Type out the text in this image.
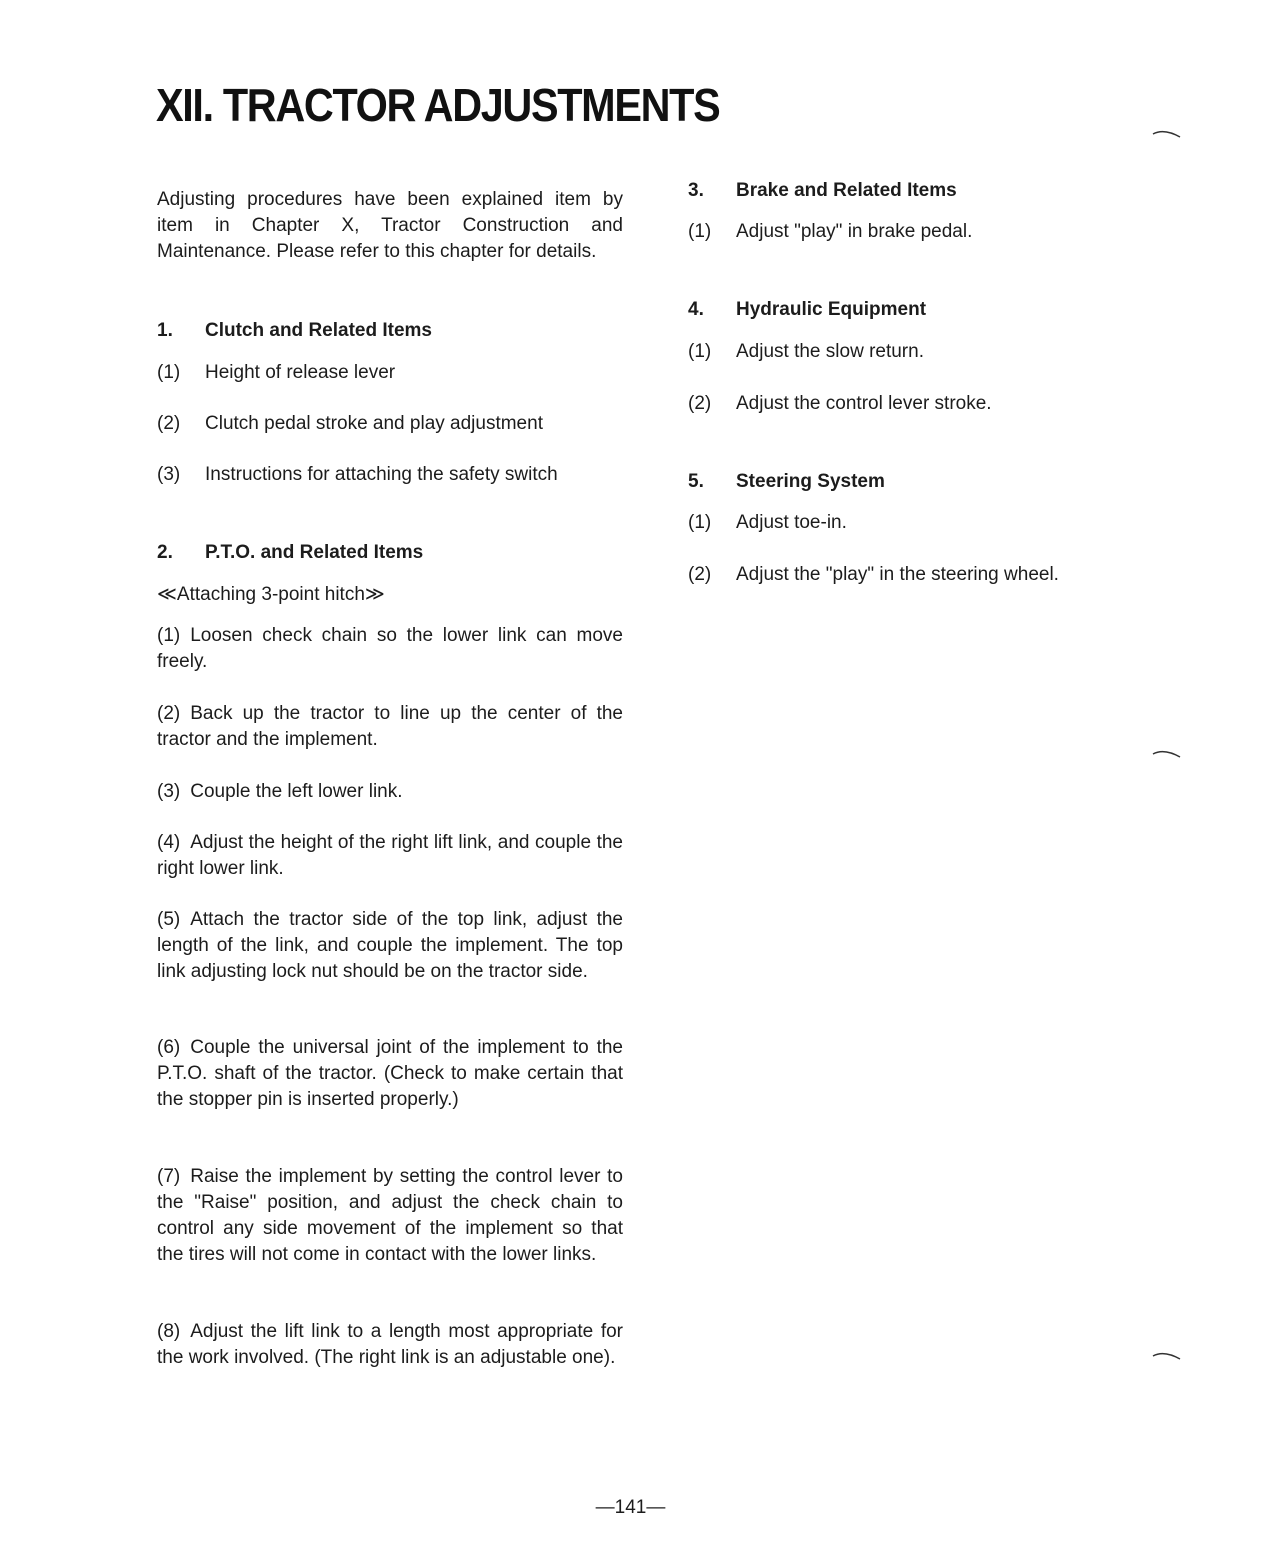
XII. TRACTOR ADJUSTMENTS
Adjusting procedures have been explained item by item in Chapter X, Tractor Construction and Maintenance. Please refer to this chapter for details.
1. Clutch and Related Items
(1) Height of release lever
(2) Clutch pedal stroke and play adjustment
(3) Instructions for attaching the safety switch
2. P.T.O. and Related Items
≪Attaching 3-point hitch≫
(1) Loosen check chain so the lower link can move freely.
(2) Back up the tractor to line up the center of the tractor and the implement.
(3) Couple the left lower link.
(4) Adjust the height of the right lift link, and couple the right lower link.
(5) Attach the tractor side of the top link, adjust the length of the link, and couple the implement. The top link adjusting lock nut should be on the tractor side.
(6) Couple the universal joint of the implement to the P.T.O. shaft of the tractor. (Check to make certain that the stopper pin is inserted properly.)
(7) Raise the implement by setting the control lever to the "Raise" position, and adjust the check chain to control any side movement of the implement so that the tires will not come in contact with the lower links.
(8) Adjust the lift link to a length most appropriate for the work involved. (The right link is an adjustable one).
3. Brake and Related Items
(1) Adjust "play" in brake pedal.
4. Hydraulic Equipment
(1) Adjust the slow return.
(2) Adjust the control lever stroke.
5. Steering System
(1) Adjust toe-in.
(2) Adjust the "play" in the steering wheel.
—141—
